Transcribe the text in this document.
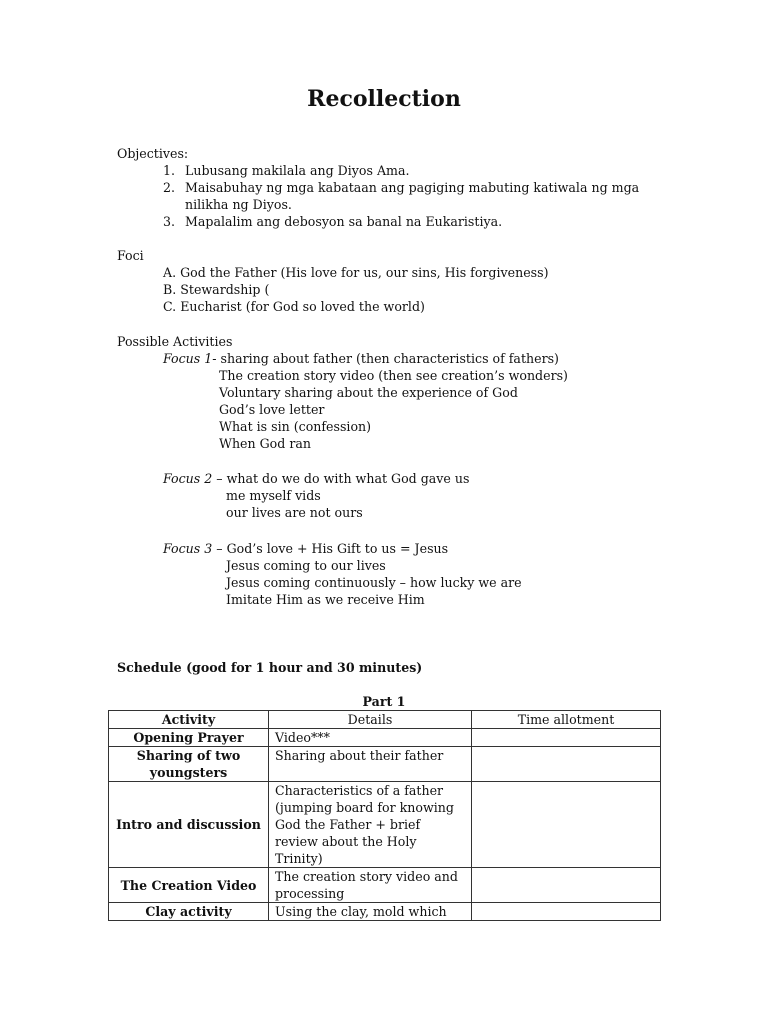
Recollection
Objectives:
1. Lubusang makilala ang Diyos Ama.
2. Maisabuhay ng mga kabataan ang pagiging mabuting katiwala ng mga
nilikha ng Diyos.
3. Mapalalim ang debosyon sa banal na Eukaristiya.
Foci
A. God the Father (His love for us, our sins, His forgiveness)
B. Stewardship (
C. Eucharist (for God so loved the world)
Possible Activities
Focus 1- sharing about father (then characteristics of fathers)
The creation story video (then see creation’s wonders)
Voluntary sharing about the experience of God
God’s love letter
What is sin (confession)
When God ran
Focus 2 – what do we do with what God gave us
me myself vids
our lives are not ours
Focus 3 – God’s love + His Gift to us = Jesus
Jesus coming to our lives
Jesus coming continuously – how lucky we are
Imitate Him as we receive Him
Schedule (good for 1 hour and 30 minutes)
Part 1
Activity	Details	Time allotment
Opening Prayer	Video***	
Sharing of two youngsters	Sharing about their father	
Intro and discussion	Characteristics of a father (jumping board for knowing God the Father + brief review about the Holy Trinity)	
The Creation Video	The creation story video and processing	
Clay activity	Using the clay, mold which	
